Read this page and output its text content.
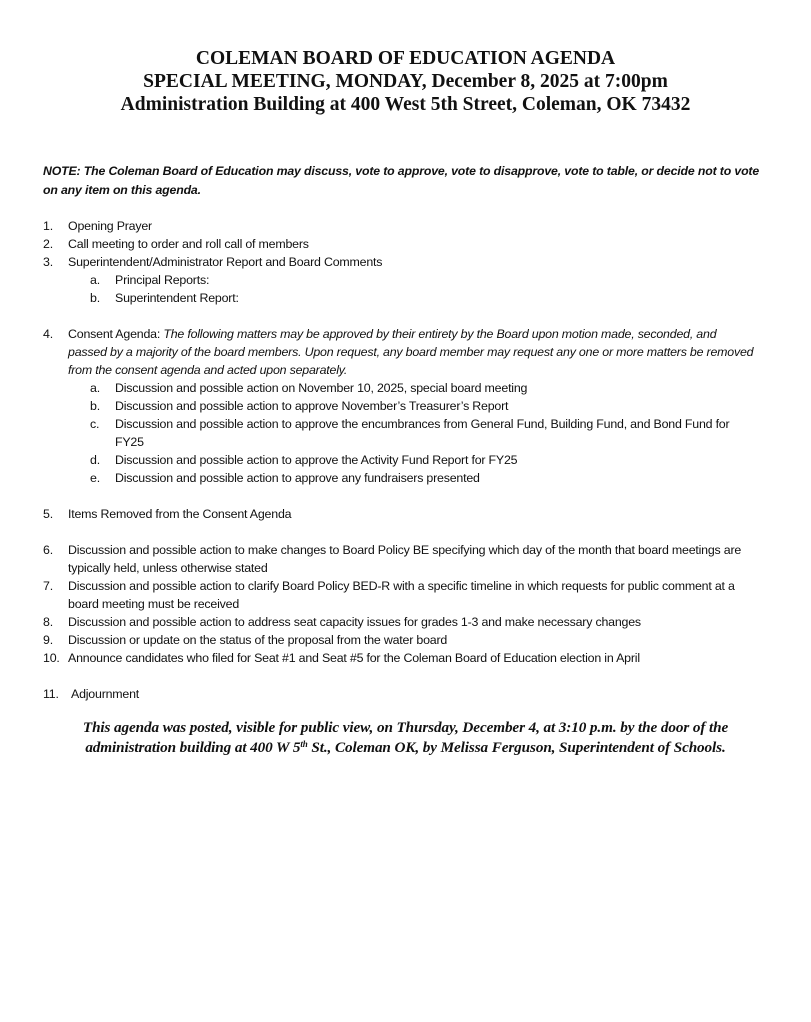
COLEMAN BOARD OF EDUCATION AGENDA
SPECIAL MEETING, MONDAY, December 8, 2025 at 7:00pm
Administration Building at 400 West 5th Street, Coleman, OK 73432
NOTE: The Coleman Board of Education may discuss, vote to approve, vote to disapprove, vote to table, or decide not to vote on any item on this agenda.
1. Opening Prayer
2. Call meeting to order and roll call of members
3. Superintendent/Administrator Report and Board Comments
a. Principal Reports:
b. Superintendent Report:
4. Consent Agenda: The following matters may be approved by their entirety by the Board upon motion made, seconded, and passed by a majority of the board members. Upon request, any board member may request any one or more matters be removed from the consent agenda and acted upon separately.
a. Discussion and possible action on November 10, 2025, special board meeting
b. Discussion and possible action to approve November’s Treasurer’s Report
c. Discussion and possible action to approve the encumbrances from General Fund, Building Fund, and Bond Fund for FY25
d. Discussion and possible action to approve the Activity Fund Report for FY25
e. Discussion and possible action to approve any fundraisers presented
5. Items Removed from the Consent Agenda
6. Discussion and possible action to make changes to Board Policy BE specifying which day of the month that board meetings are typically held, unless otherwise stated
7. Discussion and possible action to clarify Board Policy BED-R with a specific timeline in which requests for public comment at a board meeting must be received
8. Discussion and possible action to address seat capacity issues for grades 1-3 and make necessary changes
9. Discussion or update on the status of the proposal from the water board
10. Announce candidates who filed for Seat #1 and Seat #5 for the Coleman Board of Education election in April
11. Adjournment
This agenda was posted, visible for public view, on Thursday, December 4, at 3:10 p.m. by the door of the
administration building at 400 W 5th St., Coleman OK, by Melissa Ferguson, Superintendent of Schools.
